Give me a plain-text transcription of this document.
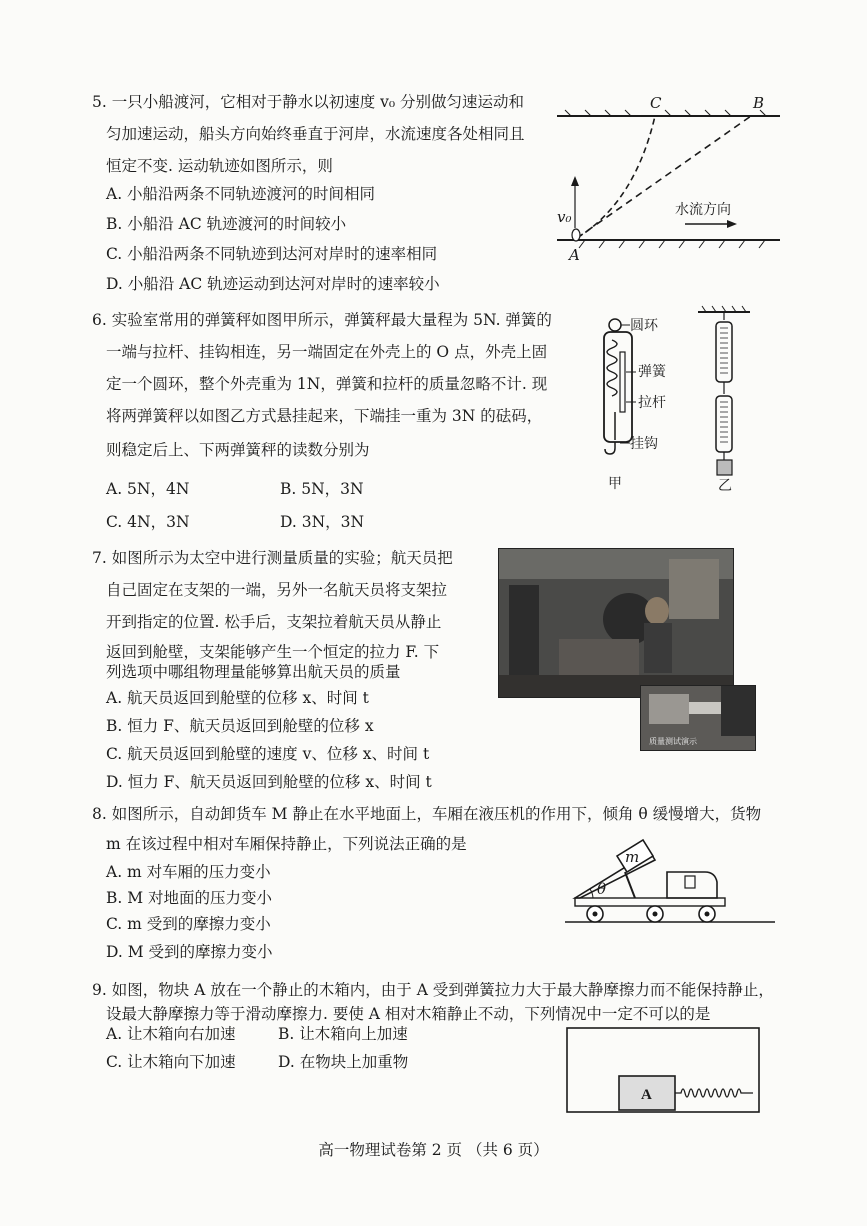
5. 一只小船渡河，它相对于静水以初速度 v₀ 分别做匀速运动和
匀加速运动，船头方向始终垂直于河岸，水流速度各处相同且
恒定不变. 运动轨迹如图所示，则
A. 小船沿两条不同轨迹渡河的时间相同
B. 小船沿 AC 轨迹渡河的时间较小
C. 小船沿两条不同轨迹到达河对岸时的速率相同
D. 小船沿 AC 轨迹运动到达河对岸时的速率较小
C	B
A
v₀	水流方向
6. 实验室常用的弹簧秤如图甲所示，弹簧秤最大量程为 5N. 弹簧的
一端与拉杆、挂钩相连，另一端固定在外壳上的 O 点，外壳上固
定一个圆环，整个外壳重为 1N，弹簧和拉杆的质量忽略不计. 现
将两弹簧秤以如图乙方式悬挂起来，下端挂一重为 3N 的砝码，
则稳定后上、下两弹簧秤的读数分别为
A. 5N，4N	B. 5N，3N
C. 4N，3N	D. 3N，3N
圆环
弹簧
拉杆
挂钩
甲	乙
7. 如图所示为太空中进行测量质量的实验；航天员把
自己固定在支架的一端，另外一名航天员将支架拉
开到指定的位置. 松手后，支架拉着航天员从静止
返回到舱壁，支架能够产生一个恒定的拉力 F. 下
列选项中哪组物理量能够算出航天员的质量
A. 航天员返回到舱壁的位移 x、时间 t
B. 恒力 F、航天员返回到舱壁的位移 x
C. 航天员返回到舱壁的速度 v、位移 x、时间 t
D. 恒力 F、航天员返回到舱壁的位移 x、时间 t
质量测试演示
8. 如图所示，自动卸货车 M 静止在水平地面上，车厢在液压机的作用下，倾角 θ 缓慢增大，货物
m 在该过程中相对车厢保持静止，下列说法正确的是
A. m 对车厢的压力变小
B. M 对地面的压力变小
C. m 受到的摩擦力变小
D. M 受到的摩擦力变小
m
θ
9. 如图，物块 A 放在一个静止的木箱内，由于 A 受到弹簧拉力大于最大静摩擦力而不能保持静止，
设最大静摩擦力等于滑动摩擦力. 要使 A 相对木箱静止不动，下列情况中一定不可以的是
A. 让木箱向右加速	B. 让木箱向上加速
C. 让木箱向下加速	D. 在物块上加重物
A
高一物理试卷第 2 页 （共 6 页）
